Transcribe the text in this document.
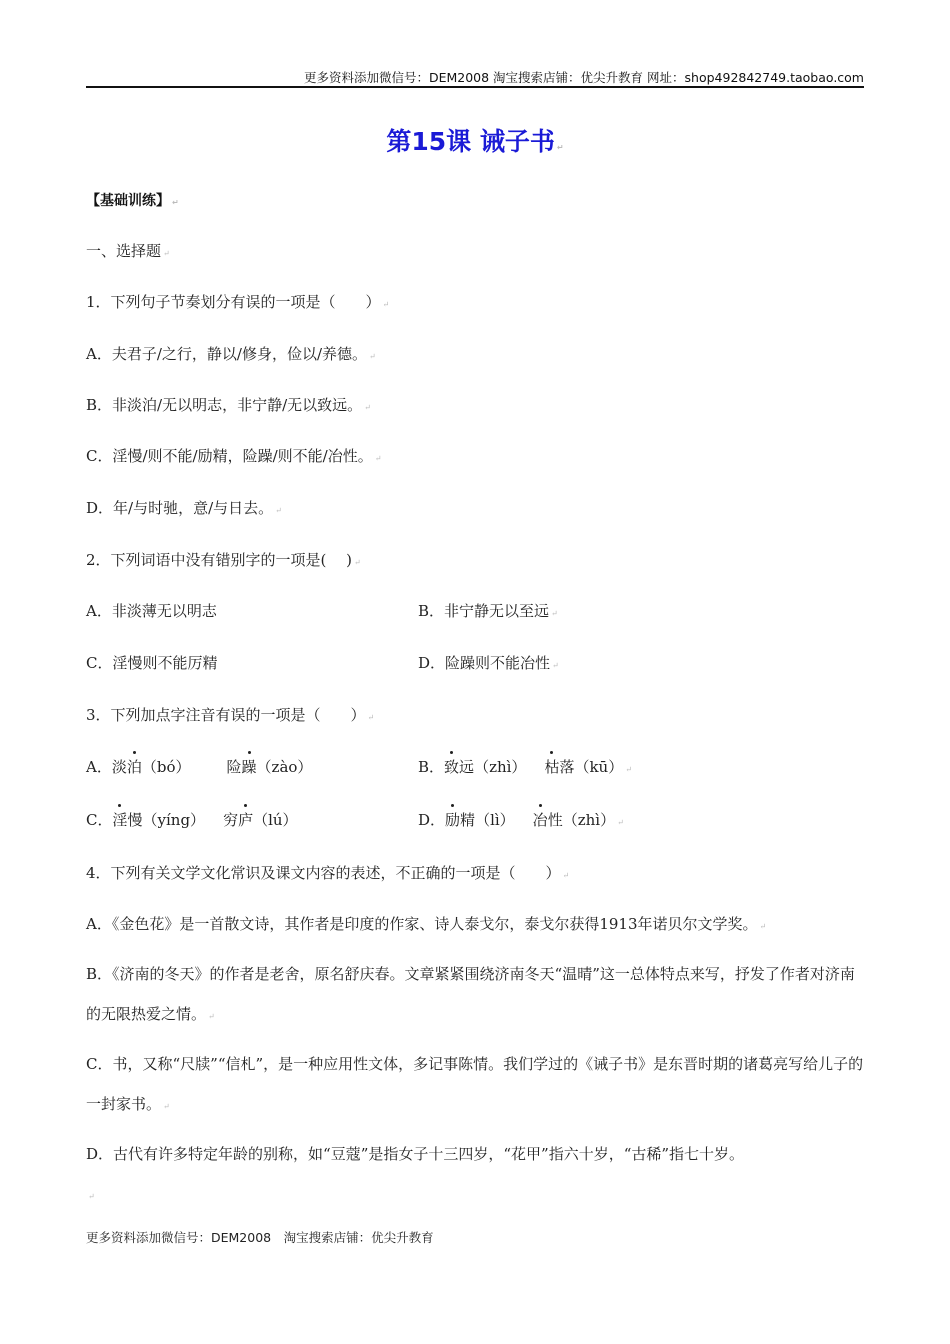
更多资料添加微信号：DEM2008 淘宝搜索店铺：优尖升教育 网址：shop492842749.taobao.com
第15课 诫子书 ↵
【基础训练】 ↵
一、选择题 ↵
1．下列句子节奏划分有误的一项是（　　） ↵
A．夫君子/之行，静以/修身，俭以/养德。 ↵
B．非淡泊/无以明志，非宁静/无以致远。 ↵
C．淫慢/则不能/励精，险躁/则不能/冶性。 ↵
D．年/与时驰，意/与日去。 ↵
2．下列词语中没有错别字的一项是(　 ) ↵
A．非淡薄无以明志	B．非宁静无以至远 ↵
C．淫慢则不能厉精	D．险躁则不能冶性 ↵
3．下列加点字注音有误的一项是（　　） ↵
A．淡泊（bó） 险躁（zào）	B．致远（zhì） 枯落（kū） ↵
C．淫慢（yíng） 穷庐（lú）	D．励精（lì） 冶性（zhì） ↵
4．下列有关文学文化常识及课文内容的表述，不正确的一项是（　　） ↵
A．《金色花》是一首散文诗，其作者是印度的作家、诗人泰戈尔，泰戈尔获得1913年诺贝尔文学奖。 ↵
B．《济南的冬天》的作者是老舍，原名舒庆春。文章紧紧围绕济南冬天“温晴”这一总体特点来写，抒发了作者对济南的无限热爱之情。 ↵
C．书，又称“尺牍”“信札”，是一种应用性文体，多记事陈情。我们学过的《诫子书》是东晋时期的诸葛亮写给儿子的一封家书。 ↵
D．古代有许多特定年龄的别称，如“豆蔻”是指女子十三四岁，“花甲”指六十岁，“古稀”指七十岁。
↵
更多资料添加微信号：DEM2008　淘宝搜索店铺：优尖升教育
